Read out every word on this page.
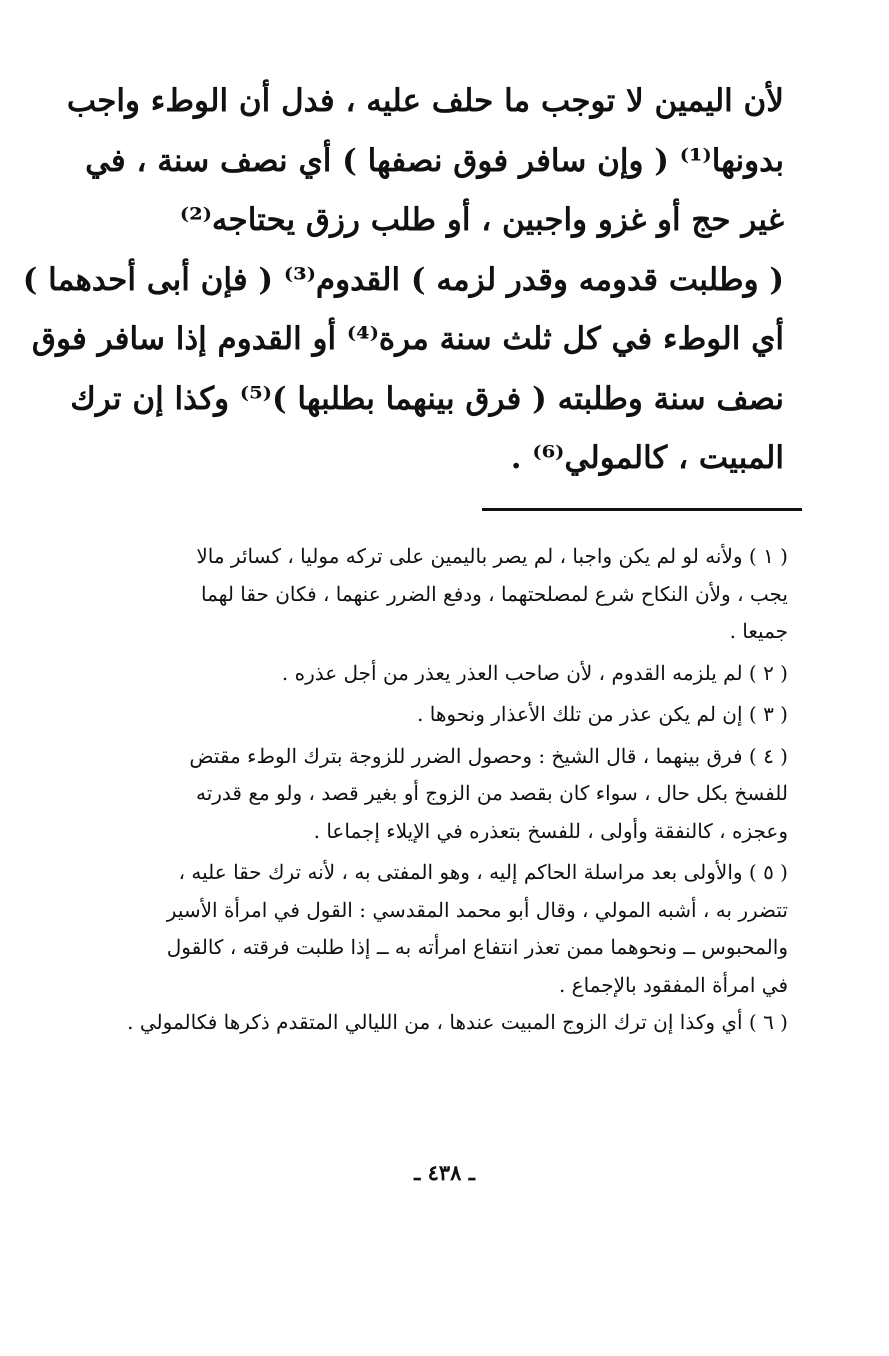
لأن اليمين لا توجب ما حلف عليه ، فدل أن الوطء واجب
بدونها⁽¹⁾ ( وإن سافر فوق نصفها ) أي نصف سنة ، في
غير حج أو غزو واجبين ، أو طلب رزق يحتاجه⁽²⁾
( وطلبت قدومه وقدر لزمه ) القدوم⁽³⁾ ( فإن أبى أحدهما )
أي الوطء في كل ثلث سنة مرة⁽⁴⁾ أو القدوم إذا سافر فوق
نصف سنة وطلبته ( فرق بينهما بطلبها )⁽⁵⁾ وكذا إن ترك
المبيت ، كالمولي⁽⁶⁾ .
( ١ ) ولأنه لو لم يكن واجبا ، لم يصر باليمين على تركه موليا ، كسائر مالا
يجب ، ولأن النكاح شرع لمصلحتهما ، ودفع الضرر عنهما ، فكان حقا لهما
جميعا .
( ٢ ) لم يلزمه القدوم ، لأن صاحب العذر يعذر من أجل عذره .
( ٣ ) إن لم يكن عذر من تلك الأعذار ونحوها .
( ٤ ) فرق بينهما ، قال الشيخ : وحصول الضرر للزوجة بترك الوطء مقتض
للفسخ بكل حال ، سواء كان بقصد من الزوج أو بغير قصد ، ولو مع قدرته
وعجزه ، كالنفقة وأولى ، للفسخ بتعذره في الإيلاء إجماعا .
( ٥ ) والأولى بعد مراسلة الحاكم إليه ، وهو المفتى به ، لأنه ترك حقا عليه ،
تتضرر به ، أشبه المولي ، وقال أبو محمد المقدسي : القول في امرأة الأسير
والمحبوس ــ ونحوهما ممن تعذر انتفاع امرأته به ــ إذا طلبت فرقته ، كالقول
في امرأة المفقود بالإجماع .
( ٦ ) أي وكذا إن ترك الزوج المبيت عندها ، من الليالي المتقدم ذكرها فكالمولي .
ـ ٤٣٨ ـ
